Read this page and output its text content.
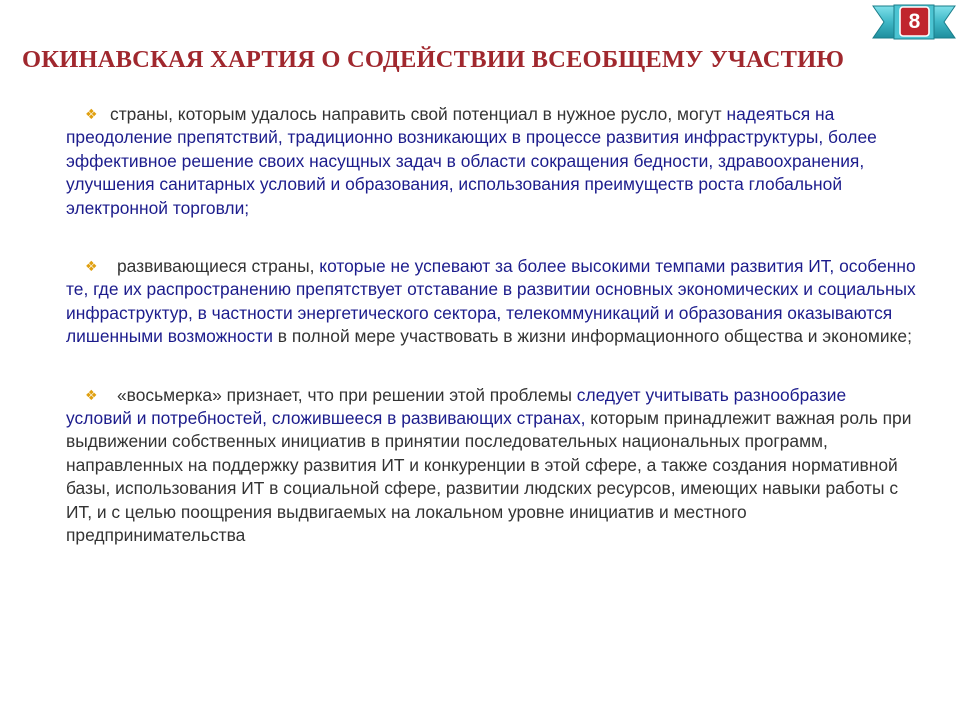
8
ОКИНАВСКАЯ ХАРТИЯ О СОДЕЙСТВИИ ВСЕОБЩЕМУ УЧАСТИЮ

❖ страны, которым удалось направить свой потенциал в нужное русло, могут надеяться на преодоление препятствий, традиционно возникающих в процессе развития инфраструктуры, более эффективное решение своих насущных задач в области сокращения бедности, здравоохранения, улучшения санитарных условий и образования, использования преимуществ роста глобальной электронной торговли;

❖ развивающиеся страны, которые не успевают за более высокими темпами развития ИТ, особенно те, где их распространению препятствует отставание в развитии основных экономических и социальных инфраструктур, в частности энергетического сектора, телекоммуникаций и образования оказываются лишенными возможности в полной мере участвовать в жизни информационного общества и экономике;

❖ «восьмерка» признает, что при решении этой проблемы следует учитывать разнообразие условий и потребностей, сложившееся в развивающих странах, которым принадлежит важная роль при выдвижении собственных инициатив в принятии последовательных национальных программ, направленных на поддержку развития ИТ и конкуренции в этой сфере, а также создания нормативной базы, использования ИТ в социальной сфере, развитии людских ресурсов, имеющих навыки работы с ИТ, и с целью поощрения выдвигаемых на локальном уровне инициатив и местного предпринимательства
